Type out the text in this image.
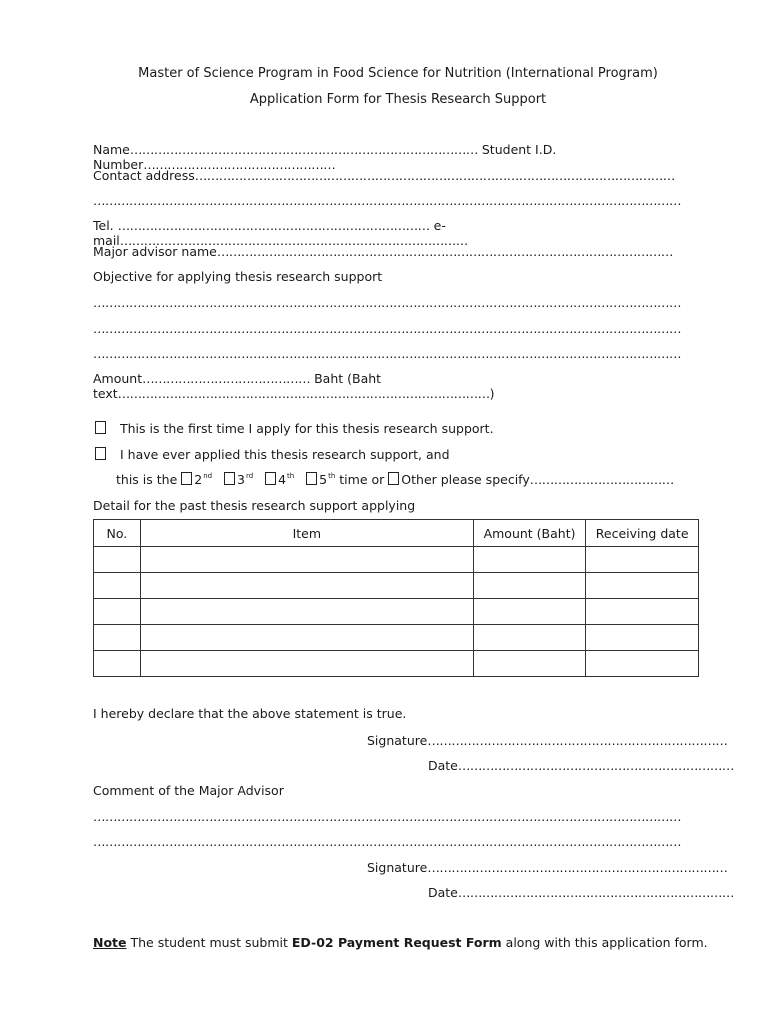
Master of Science Program in Food Science for Nutrition (International Program)
Application Form for Thesis Research Support
Name…………………………………………………………………………… Student I.D. Number…………………………………………
Contact address…………………………………………………………………………………………………………
…………………………………………………………………………………………………………………………………
Tel. …………………………………………………………………… e-mail……………………………………………………………………………
Major advisor name……………………………………………………………………………………………………
Objective for applying thesis research support
…………………………………………………………………………………………………………………………………
…………………………………………………………………………………………………………………………………
…………………………………………………………………………………………………………………………………
Amount…………………………………… Baht (Baht text…………………………………………………………………………………)
This is the first time I apply for this thesis research support.
I have ever applied this thesis research support, and
this is the 2nd 3rd 4th 5th time or Other please specify………………………………
Detail for the past thesis research support applying
No.	Item	Amount (Baht)	Receiving date

I hereby declare that the above statement is true.
Signature…………………………………………………………………
Date……………………………………………………………
Comment of the Major Advisor
…………………………………………………………………………………………………………………………………
…………………………………………………………………………………………………………………………………
Signature…………………………………………………………………
Date……………………………………………………………
Note The student must submit ED-02 Payment Request Form along with this application form.
